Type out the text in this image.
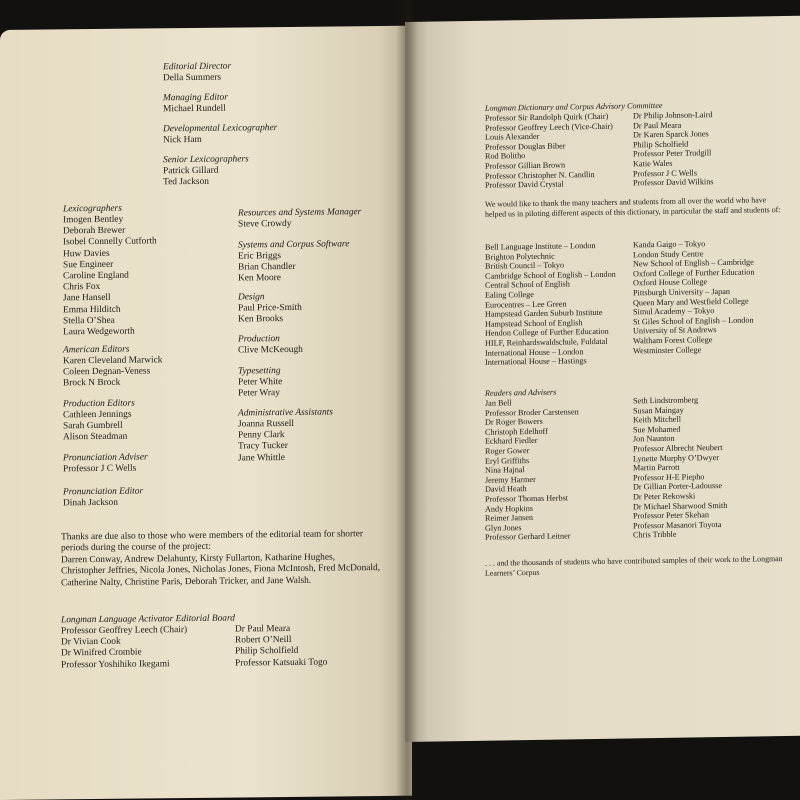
Editorial Director
Della Summers
Managing Editor
Michael Rundell
Developmental Lexicographer
Nick Ham
Senior Lexicographers
Patrick Gillard
Ted Jackson
Lexicographers
Imogen Bentley
Deborah Brewer
Isobel Connelly Cutforth
Huw Davies
Sue Engineer
Caroline England
Chris Fox
Jane Hansell
Emma Hilditch
Stella O’Shea
Laura Wedgeworth
American Editors
Karen Cleveland Marwick
Coleen Degnan-Veness
Brock N Brock
Production Editors
Cathleen Jennings
Sarah Gumbrell
Alison Steadman
Pronunciation Adviser
Professor J C Wells
Pronunciation Editor
Dinah Jackson
Resources and Systems Manager
Steve Crowdy
Systems and Corpus Software
Eric Briggs
Brian Chandler
Ken Moore
Design
Paul Price-Smith
Ken Brooks
Production
Clive McKeough
Typesetting
Peter White
Peter Wray
Administrative Assistants
Joanna Russell
Penny Clark
Tracy Tucker
Jane Whittle
Thanks are due also to those who were members of the editorial team for shorter periods during the course of the project:
Darren Conway, Andrew Delahunty, Kirsty Fullarton, Katharine Hughes, Christopher Jeffries, Nicola Jones, Nicholas Jones, Fiona McIntosh, Fred McDonald, Catherine Nalty, Christine Paris, Deborah Tricker, and Jane Walsh.
Longman Language Activator Editorial Board
Professor Geoffrey Leech (Chair)
Dr Vivian Cook
Dr Winifred Crombie
Professor Yoshihiko Ikegami
Dr Paul Meara
Robert O’Neill
Philip Scholfield
Professor Katsuaki Togo
Longman Dictionary and Corpus Advisory Committee
Professor Sir Randolph Quirk (Chair)
Professor Geoffrey Leech (Vice-Chair)
Louis Alexander
Professor Douglas Biber
Rod Bolitho
Professor Gillian Brown
Professor Christopher N. Candlin
Professor David Crystal
Dr Philip Johnson-Laird
Dr Paul Meara
Dr Karen Sparck Jones
Philip Scholfield
Professor Peter Trudgill
Katie Wales
Professor J C Wells
Professor David Wilkins
We would like to thank the many teachers and students from all over the world who have helped us in piloting different aspects of this dictionary, in particular the staff and students of:
Bell Language Institute – London
Brighton Polytechnic
British Council – Tokyo
Cambridge School of English – London
Central School of English
Ealing College
Eurocentres – Lee Green
Hampstead Garden Suburb Institute
Hampstead School of English
Hendon College of Further Education
HILF, Reinhardswaldschule, Fuldatal
International House – London
International House – Hastings
Kanda Gaigo – Tokyo
London Study Centre
New School of English – Cambridge
Oxford College of Further Education
Oxford House College
Pittsburgh University – Japan
Queen Mary and Westfield College
Simul Academy – Tokyo
St Giles School of English – London
University of St Andrews
Waltham Forest College
Westminster College
Readers and Advisers
Jan Bell
Professor Broder Carstensen
Dr Roger Bowers
Christoph Edelhoff
Eckhard Fiedler
Roger Gower
Eryl Griffiths
Nina Hajnal
Jeremy Harmer
David Heath
Professor Thomas Herbst
Andy Hopkins
Reimer Jansen
Glyn Jones
Professor Gerhard Leitner
Seth Lindstromberg
Susan Maingay
Keith Mitchell
Sue Mohamed
Jon Naunton
Professor Albrecht Neubert
Lynette Murphy O’Dwyer
Martin Parrott
Professor H-E Piepho
Dr Gillian Porter-Ladousse
Dr Peter Rekowski
Dr Michael Sharwood Smith
Professor Peter Skehan
Professor Masanori Toyota
Chris Tribble
. . . and the thousands of students who have contributed samples of their work to the Longman Learners’ Corpus
